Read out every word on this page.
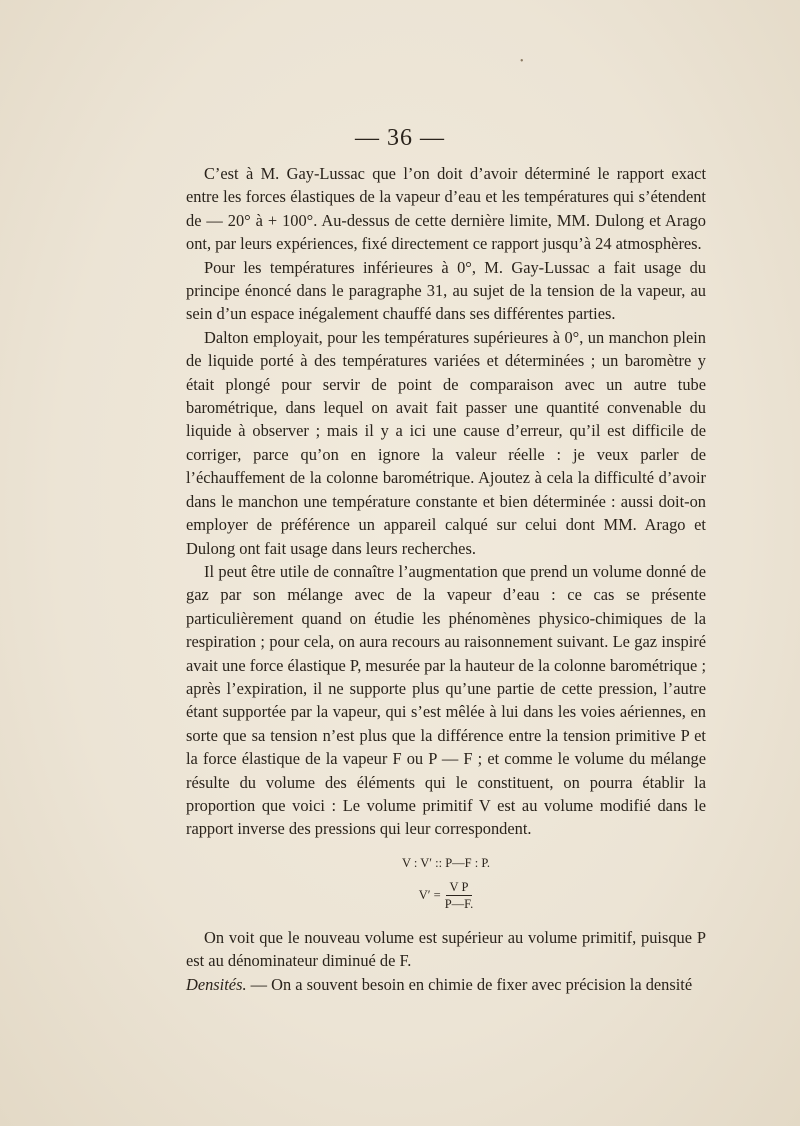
•
— 36 —

C’est à M. Gay-Lussac que l’on doit d’avoir déterminé le rapport exact entre les forces élastiques de la vapeur d’eau et les températures qui s’étendent de — 20° à + 100°. Au-dessus de cette dernière limite, MM. Dulong et Arago ont, par leurs expériences, fixé directement ce rapport jusqu’à 24 atmosphères.

Pour les températures inférieures à 0°, M. Gay-Lussac a fait usage du principe énoncé dans le paragraphe 31, au sujet de la tension de la vapeur, au sein d’un espace inégalement chauffé dans ses différentes parties.

Dalton employait, pour les températures supérieures à 0°, un manchon plein de liquide porté à des températures variées et déterminées ; un baromètre y était plongé pour servir de point de comparaison avec un autre tube barométrique, dans lequel on avait fait passer une quantité convenable du liquide à observer ; mais il y a ici une cause d’erreur, qu’il est difficile de corriger, parce qu’on en ignore la valeur réelle : je veux parler de l’échauffement de la colonne barométrique. Ajoutez à cela la difficulté d’avoir dans le manchon une température constante et bien déterminée : aussi doit-on employer de préférence un appareil calqué sur celui dont MM. Arago et Dulong ont fait usage dans leurs recherches.

Il peut être utile de connaître l’augmentation que prend un volume donné de gaz par son mélange avec de la vapeur d’eau : ce cas se présente particulièrement quand on étudie les phénomènes physico-chimiques de la respiration ; pour cela, on aura recours au raisonnement suivant. Le gaz inspiré avait une force élastique P, mesurée par la hauteur de la colonne barométrique ; après l’expiration, il ne supporte plus qu’une partie de cette pression, l’autre étant supportée par la vapeur, qui s’est mêlée à lui dans les voies aériennes, en sorte que sa tension n’est plus que la différence entre la tension primitive P et la force élastique de la vapeur F ou P — F ; et comme le volume du mélange résulte du volume des éléments qui le constituent, on pourra établir la proportion que voici : Le volume primitif V est au volume modifié dans le rapport inverse des pressions qui leur correspondent.

V : V′ :: P—F : P.
$V' = \frac{\text{V P}}{P—F.}$

On voit que le nouveau volume est supérieur au volume primitif, puisque P est au dénominateur diminué de F.

Densités. — On a souvent besoin en chimie de fixer avec précision la densité
